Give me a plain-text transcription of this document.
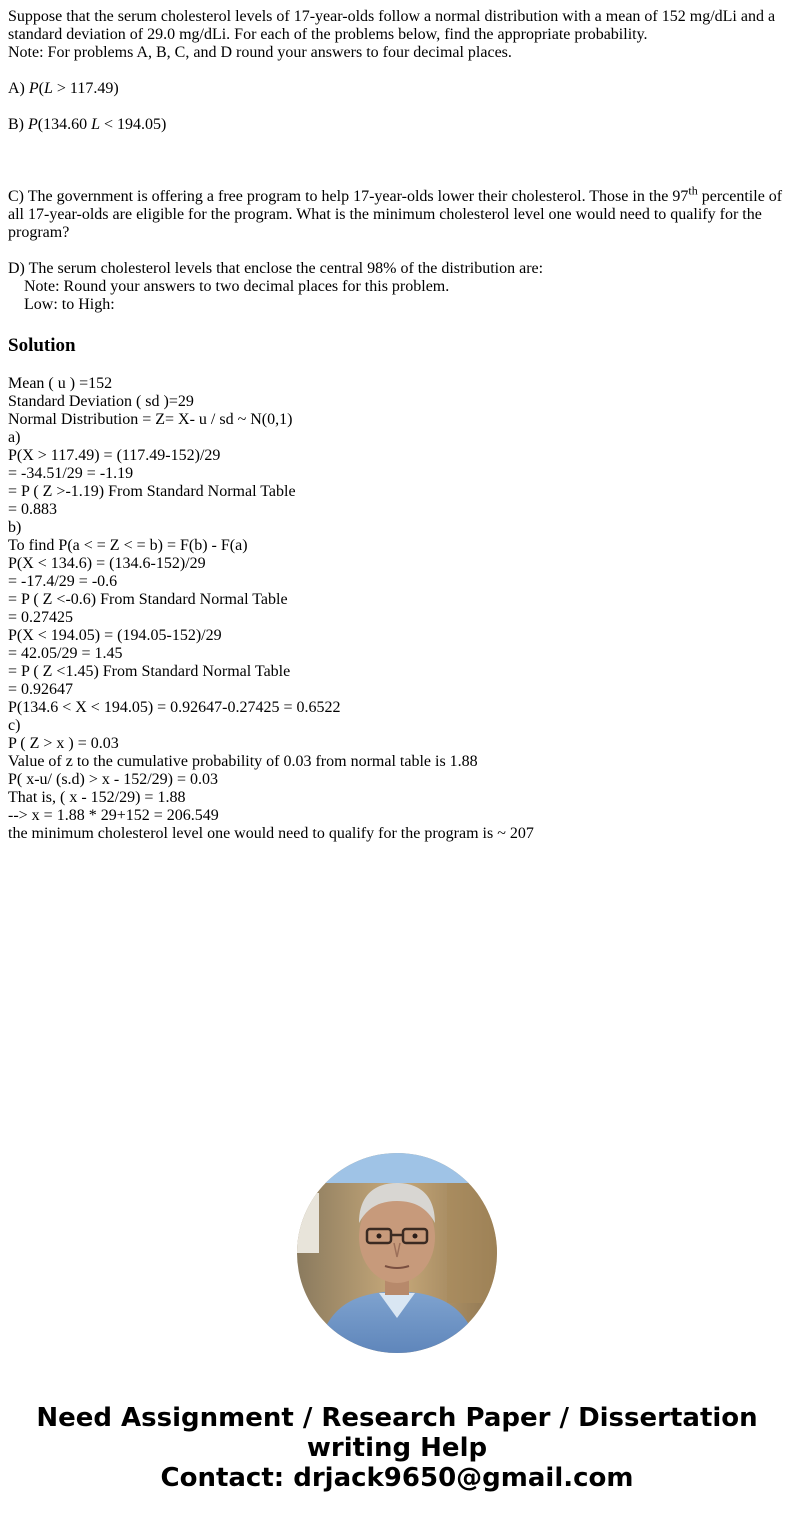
Suppose that the serum cholesterol levels of 17-year-olds follow a normal distribution with a mean of 152 mg/dLi and a standard deviation of 29.0 mg/dLi. For each of the problems below, find the appropriate probability.

Note: For problems A, B, C, and D round your answers to four decimal places.

A) P(L > 117.49)

B) P(134.60 L < 194.05)

C) The government is offering a free program to help 17-year-olds lower their cholesterol. Those in the 97th percentile of all 17-year-olds are eligible for the program. What is the minimum cholesterol level one would need to qualify for the program?

D) The serum cholesterol levels that enclose the central 98% of the distribution are:

Note: Round your answers to two decimal places for this problem.

Low: to High:

Solution

Mean ( u ) =152

Standard Deviation ( sd )=29

Normal Distribution = Z= X- u / sd ~ N(0,1)

a)

P(X > 117.49) = (117.49-152)/29

= -34.51/29 = -1.19

= P ( Z >-1.19) From Standard Normal Table

= 0.883

b)

To find P(a < = Z < = b) = F(b) - F(a)

P(X < 134.6) = (134.6-152)/29

= -17.4/29 = -0.6

= P ( Z <-0.6) From Standard Normal Table

= 0.27425

P(X < 194.05) = (194.05-152)/29

= 42.05/29 = 1.45

= P ( Z <1.45) From Standard Normal Table

= 0.92647

P(134.6 < X < 194.05) = 0.92647-0.27425 = 0.6522

c)

P ( Z > x ) = 0.03

Value of z to the cumulative probability of 0.03 from normal table is 1.88

P( x-u/ (s.d) > x - 152/29) = 0.03

That is, ( x - 152/29) = 1.88

--> x = 1.88 * 29+152 = 206.549

the minimum cholesterol level one would need to qualify for the program is ~ 207

Need Assignment / Research Paper / Dissertation
writing Help
Contact: drjack9650@gmail.com
